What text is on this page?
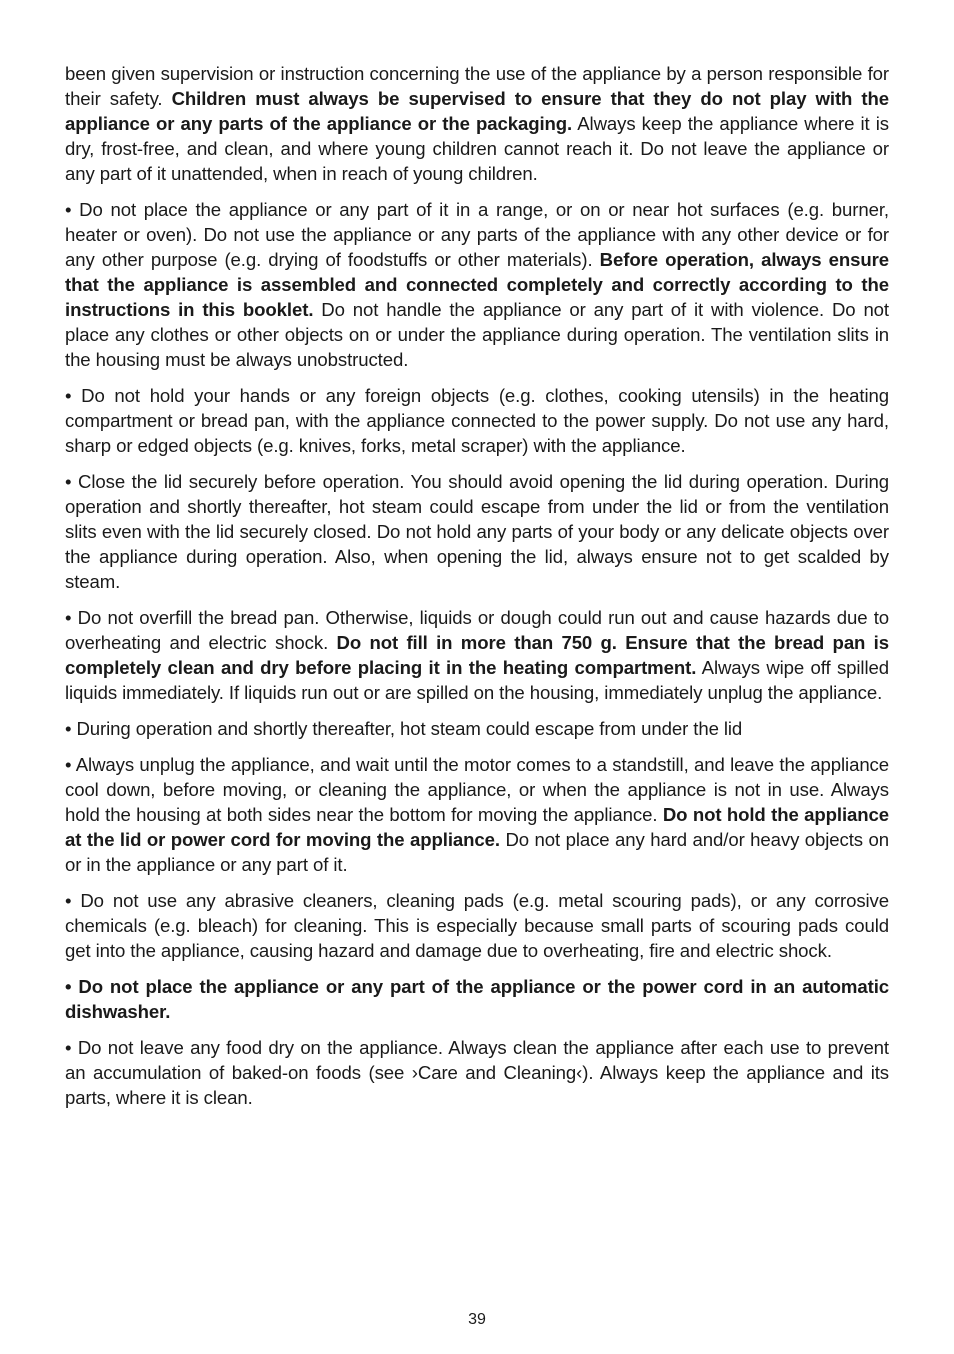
been given supervision or instruction concerning the use of the appliance by a person responsible for their safety. Children must always be supervised to ensure that they do not play with the appliance or any parts of the appliance or the packaging. Always keep the appliance where it is dry, frost-free, and clean, and where young children cannot reach it. Do not leave the appliance or any part of it unattended, when in reach of young children.

• Do not place the appliance or any part of it in a range, or on or near hot surfaces (e.g. burner, heater or oven). Do not use the appliance or any parts of the appliance with any other device or for any other purpose (e.g. drying of foodstuffs or other materials). Before operation, always ensure that the appliance is assembled and connected completely and correctly according to the instructions in this booklet. Do not handle the appliance or any part of it with violence. Do not place any clothes or other objects on or under the appliance during operation. The ventilation slits in the housing must be always unobstructed.

• Do not hold your hands or any foreign objects (e.g. clothes, cooking utensils) in the heating compartment or bread pan, with the appliance connected to the power supply. Do not use any hard, sharp or edged objects (e.g. knives, forks, metal scraper) with the appliance.

• Close the lid securely before operation. You should avoid opening the lid during operation. During operation and shortly thereafter, hot steam could escape from under the lid or from the ventilation slits even with the lid securely closed. Do not hold any parts of your body or any delicate objects over the appliance during operation. Also, when opening the lid, always ensure not to get scalded by steam.

• Do not overfill the bread pan. Otherwise, liquids or dough could run out and cause hazards due to overheating and electric shock. Do not fill in more than 750 g. Ensure that the bread pan is completely clean and dry before placing it in the heating compartment. Always wipe off spilled liquids immediately. If liquids run out or are spilled on the housing, immediately unplug the appliance.

• During operation and shortly thereafter, hot steam could escape from under the lid

• Always unplug the appliance, and wait until the motor comes to a standstill, and leave the appliance cool down, before moving, or cleaning the appliance, or when the appliance is not in use. Always hold the housing at both sides near the bottom for moving the appliance. Do not hold the appliance at the lid or power cord for moving the appliance. Do not place any hard and/or heavy objects on or in the appliance or any part of it.

• Do not use any abrasive cleaners, cleaning pads (e.g. metal scouring pads), or any corrosive chemicals (e.g. bleach) for cleaning. This is especially because small parts of scouring pads could get into the appliance, causing hazard and damage due to overheating, fire and electric shock.

• Do not place the appliance or any part of the appliance or the power cord in an automatic dishwasher.

• Do not leave any food dry on the appliance. Always clean the appliance after each use to prevent an accumulation of baked-on foods (see ›Care and Cleaning‹). Always keep the appliance and its parts, where it is clean.

39
